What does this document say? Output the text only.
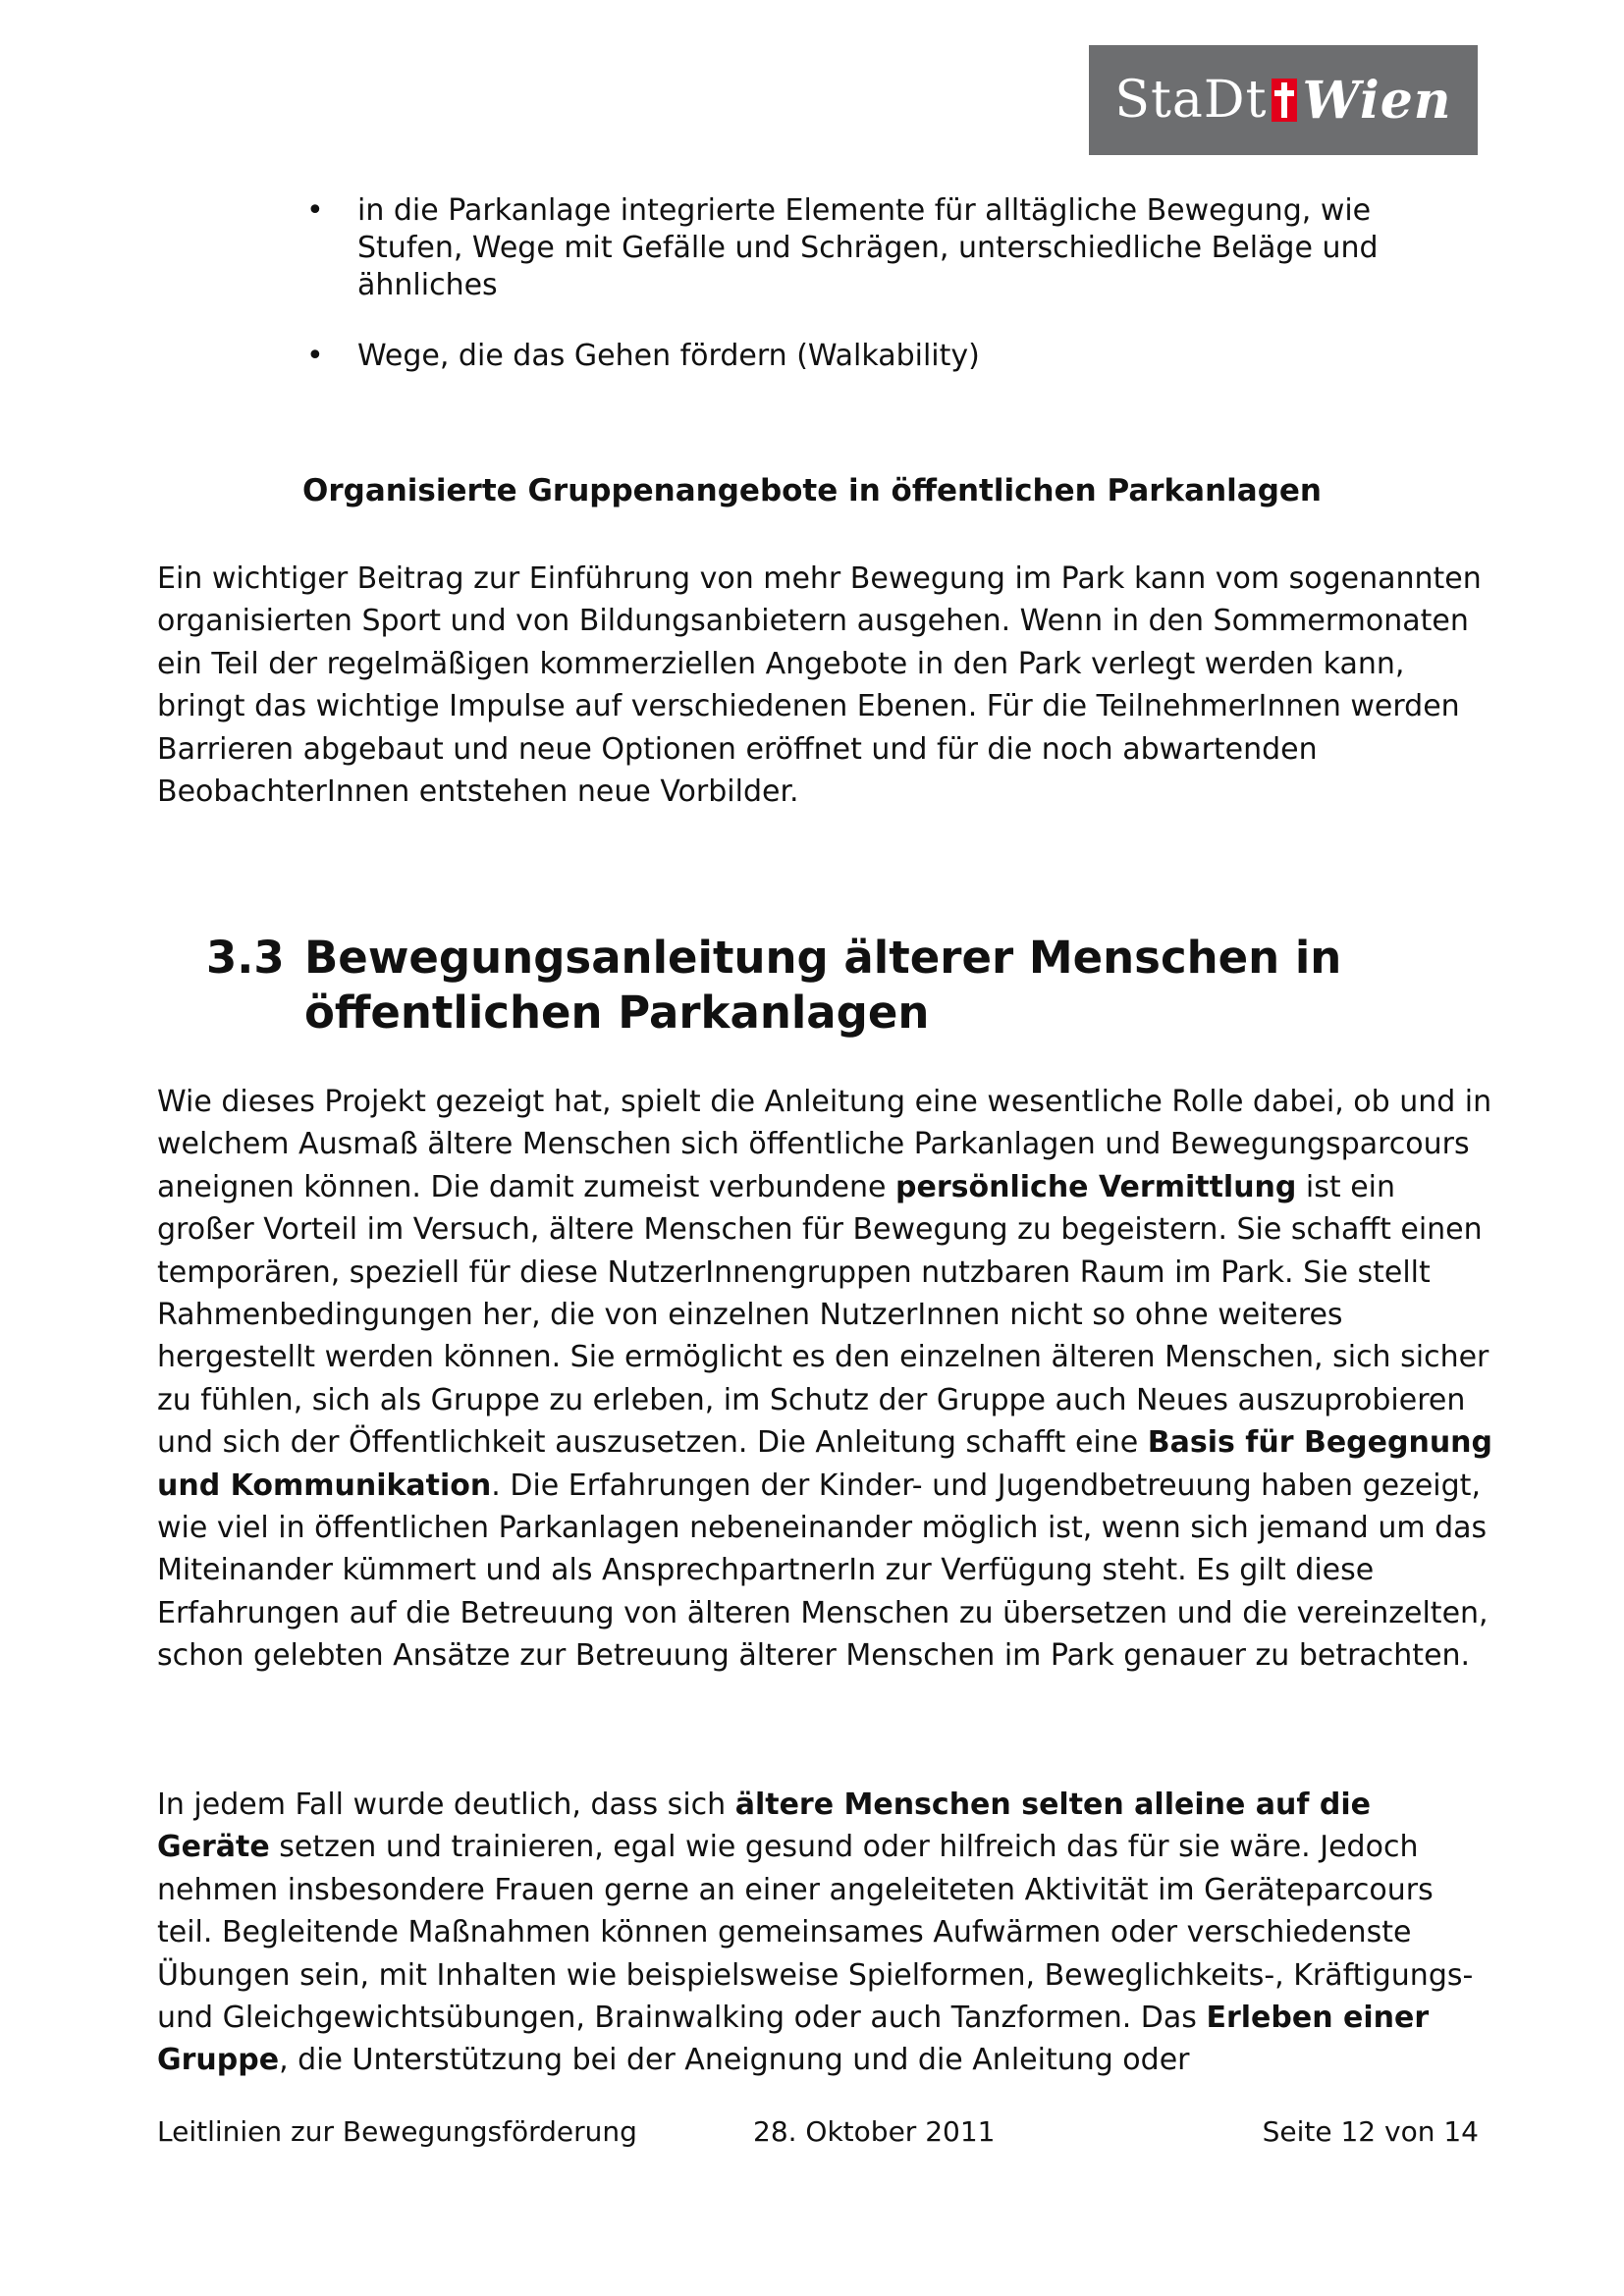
StaDt Wien
• in die Parkanlage integrierte Elemente für alltägliche Bewegung, wie Stufen, Wege mit Gefälle und Schrägen, unterschiedliche Beläge und ähnliches
• Wege, die das Gehen fördern (Walkability)
Organisierte Gruppenangebote in öffentlichen Parkanlagen

Ein wichtiger Beitrag zur Einführung von mehr Bewegung im Park kann vom sogenannten organisierten Sport und von Bildungsanbietern ausgehen. Wenn in den Sommermonaten ein Teil der regelmäßigen kommerziellen Angebote in den Park verlegt werden kann, bringt das wichtige Impulse auf verschiedenen Ebenen. Für die TeilnehmerInnen werden Barrieren abgebaut und neue Optionen eröffnet und für die noch abwartenden BeobachterInnen entstehen neue Vorbilder.

3.3 Bewegungsanleitung älterer Menschen in öffentlichen Parkanlagen

Wie dieses Projekt gezeigt hat, spielt die Anleitung eine wesentliche Rolle dabei, ob und in welchem Ausmaß ältere Menschen sich öffentliche Parkanlagen und Bewegungsparcours aneignen können. Die damit zumeist verbundene persönliche Vermittlung ist ein großer Vorteil im Versuch, ältere Menschen für Bewegung zu begeistern. Sie schafft einen temporären, speziell für diese NutzerInnengruppen nutzbaren Raum im Park. Sie stellt Rahmenbedingungen her, die von einzelnen NutzerInnen nicht so ohne weiteres hergestellt werden können. Sie ermöglicht es den einzelnen älteren Menschen, sich sicher zu fühlen, sich als Gruppe zu erleben, im Schutz der Gruppe auch Neues auszuprobieren und sich der Öffentlichkeit auszusetzen. Die Anleitung schafft eine Basis für Begegnung und Kommunikation. Die Erfahrungen der Kinder- und Jugendbetreuung haben gezeigt, wie viel in öffentlichen Parkanlagen nebeneinander möglich ist, wenn sich jemand um das Miteinander kümmert und als AnsprechpartnerIn zur Verfügung steht. Es gilt diese Erfahrungen auf die Betreuung von älteren Menschen zu übersetzen und die vereinzelten, schon gelebten Ansätze zur Betreuung älterer Menschen im Park genauer zu betrachten.

In jedem Fall wurde deutlich, dass sich ältere Menschen selten alleine auf die Geräte setzen und trainieren, egal wie gesund oder hilfreich das für sie wäre. Jedoch nehmen insbesondere Frauen gerne an einer angeleiteten Aktivität im Geräteparcours teil. Begleitende Maßnahmen können gemeinsames Aufwärmen oder verschiedenste Übungen sein, mit Inhalten wie beispielsweise Spielformen, Beweglichkeits-, Kräftigungs- und Gleichgewichtsübungen, Brainwalking oder auch Tanzformen. Das Erleben einer Gruppe, die Unterstützung bei der Aneignung und die Anleitung oder

Leitlinien zur Bewegungsförderung	28. Oktober 2011	Seite 12 von 14
